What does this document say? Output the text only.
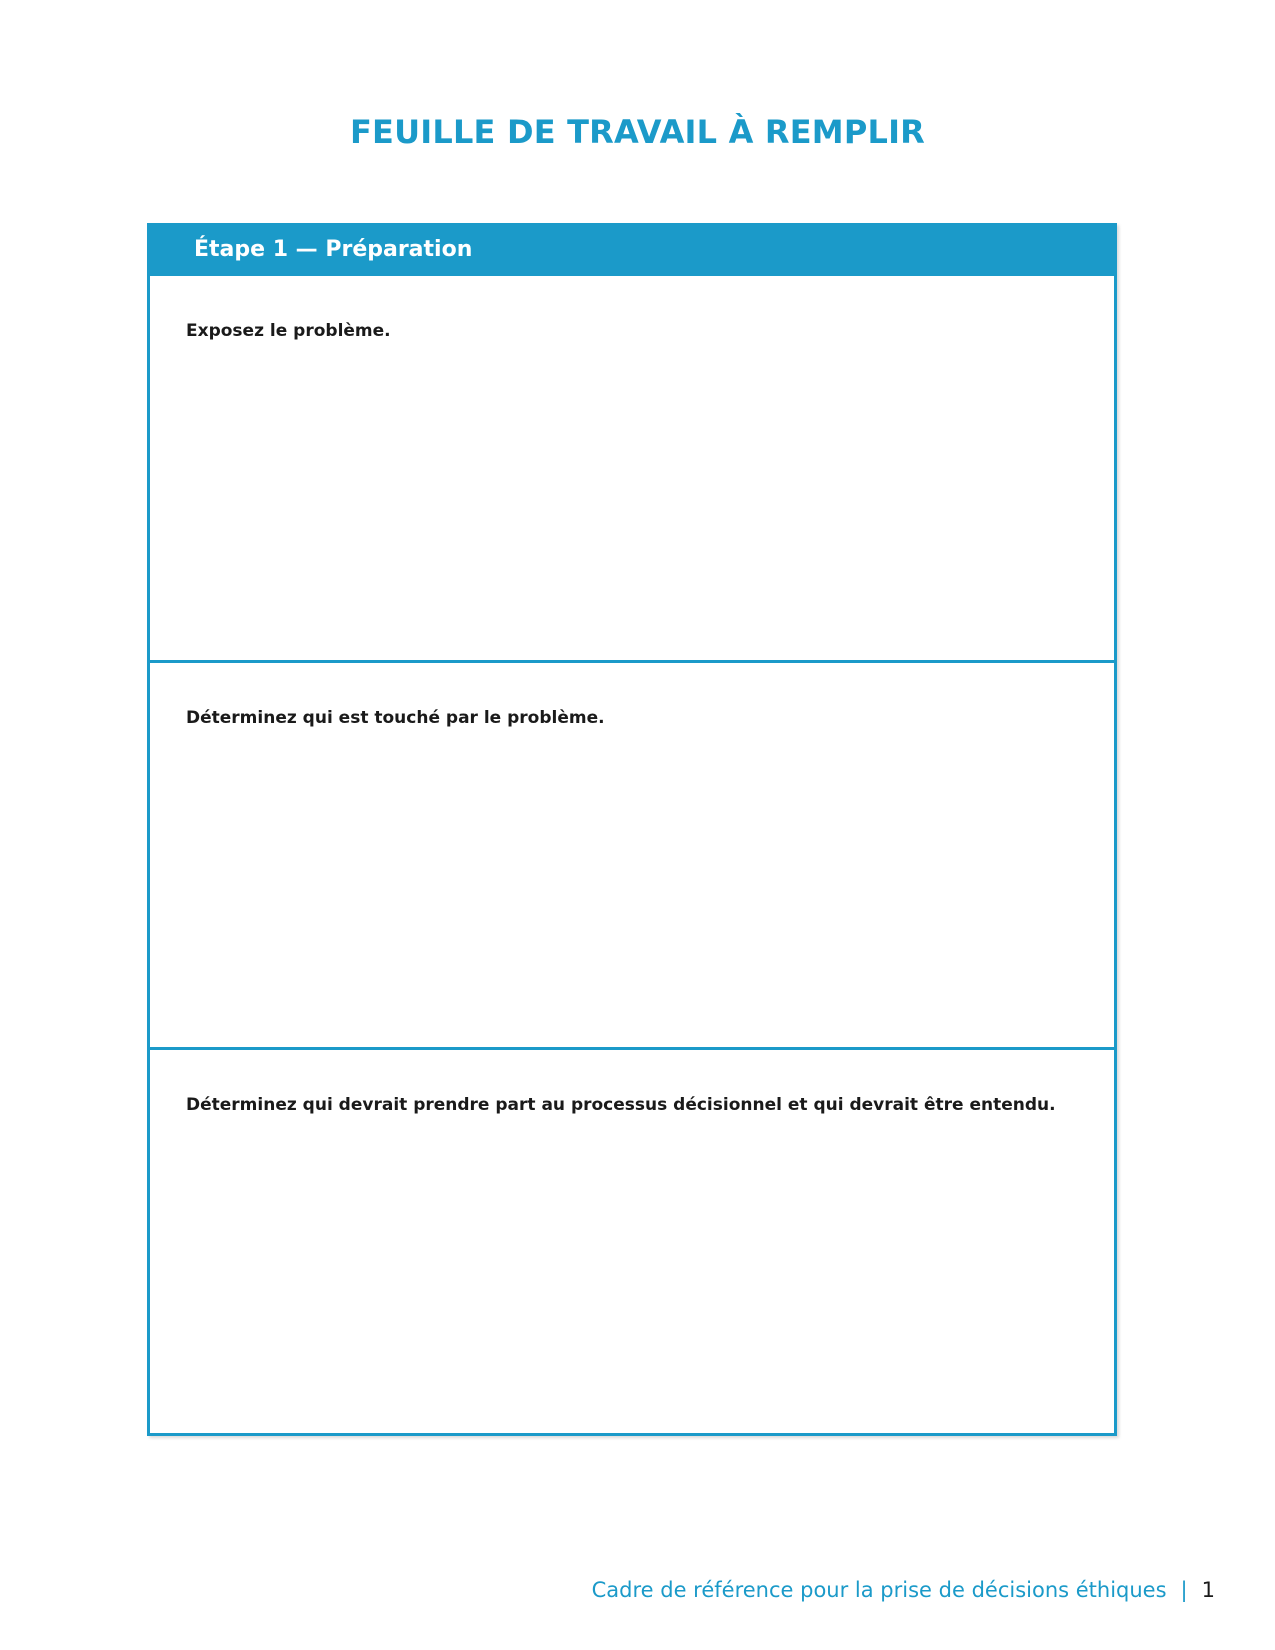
FEUILLE DE TRAVAIL À REMPLIR
Étape 1 — Préparation

Exposez le problème.

Déterminez qui est touché par le problème.

Déterminez qui devrait prendre part au processus décisionnel et qui devrait être entendu.

Cadre de référence pour la prise de décisions éthiques | 1
